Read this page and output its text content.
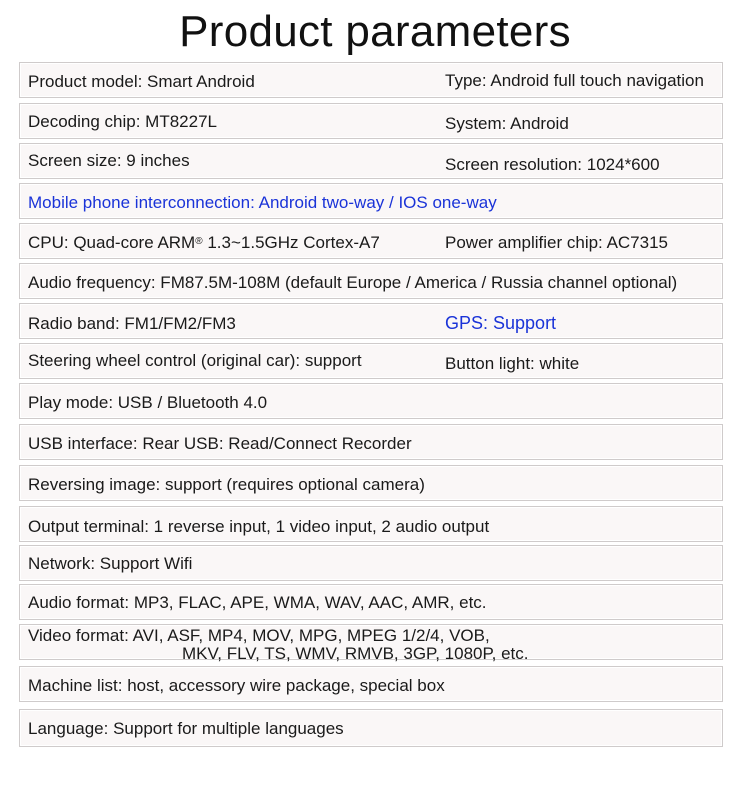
Product parameters
Product model: Smart Android	Type: Android full touch navigation
Decoding chip: MT8227L	System: Android
Screen size: 9 inches	Screen resolution: 1024*600
Mobile phone interconnection: Android two-way / IOS one-way
CPU: Quad-core ARM® 1.3~1.5GHz Cortex-A7	Power amplifier chip: AC7315
Audio frequency: FM87.5M-108M (default Europe / America / Russia channel optional)
Radio band: FM1/FM2/FM3	GPS: Support
Steering wheel control (original car): support	Button light: white
Play mode: USB / Bluetooth 4.0
USB interface: Rear USB: Read/Connect Recorder
Reversing image: support (requires optional camera)
Output terminal: 1 reverse input, 1 video input, 2 audio output
Network: Support Wifi
Audio format: MP3, FLAC, APE, WMA, WAV, AAC, AMR, etc.
Video format: AVI, ASF, MP4, MOV, MPG, MPEG 1/2/4, VOB,
MKV, FLV, TS, WMV, RMVB, 3GP, 1080P, etc.
Machine list: host, accessory wire package, special box
Language: Support for multiple languages
